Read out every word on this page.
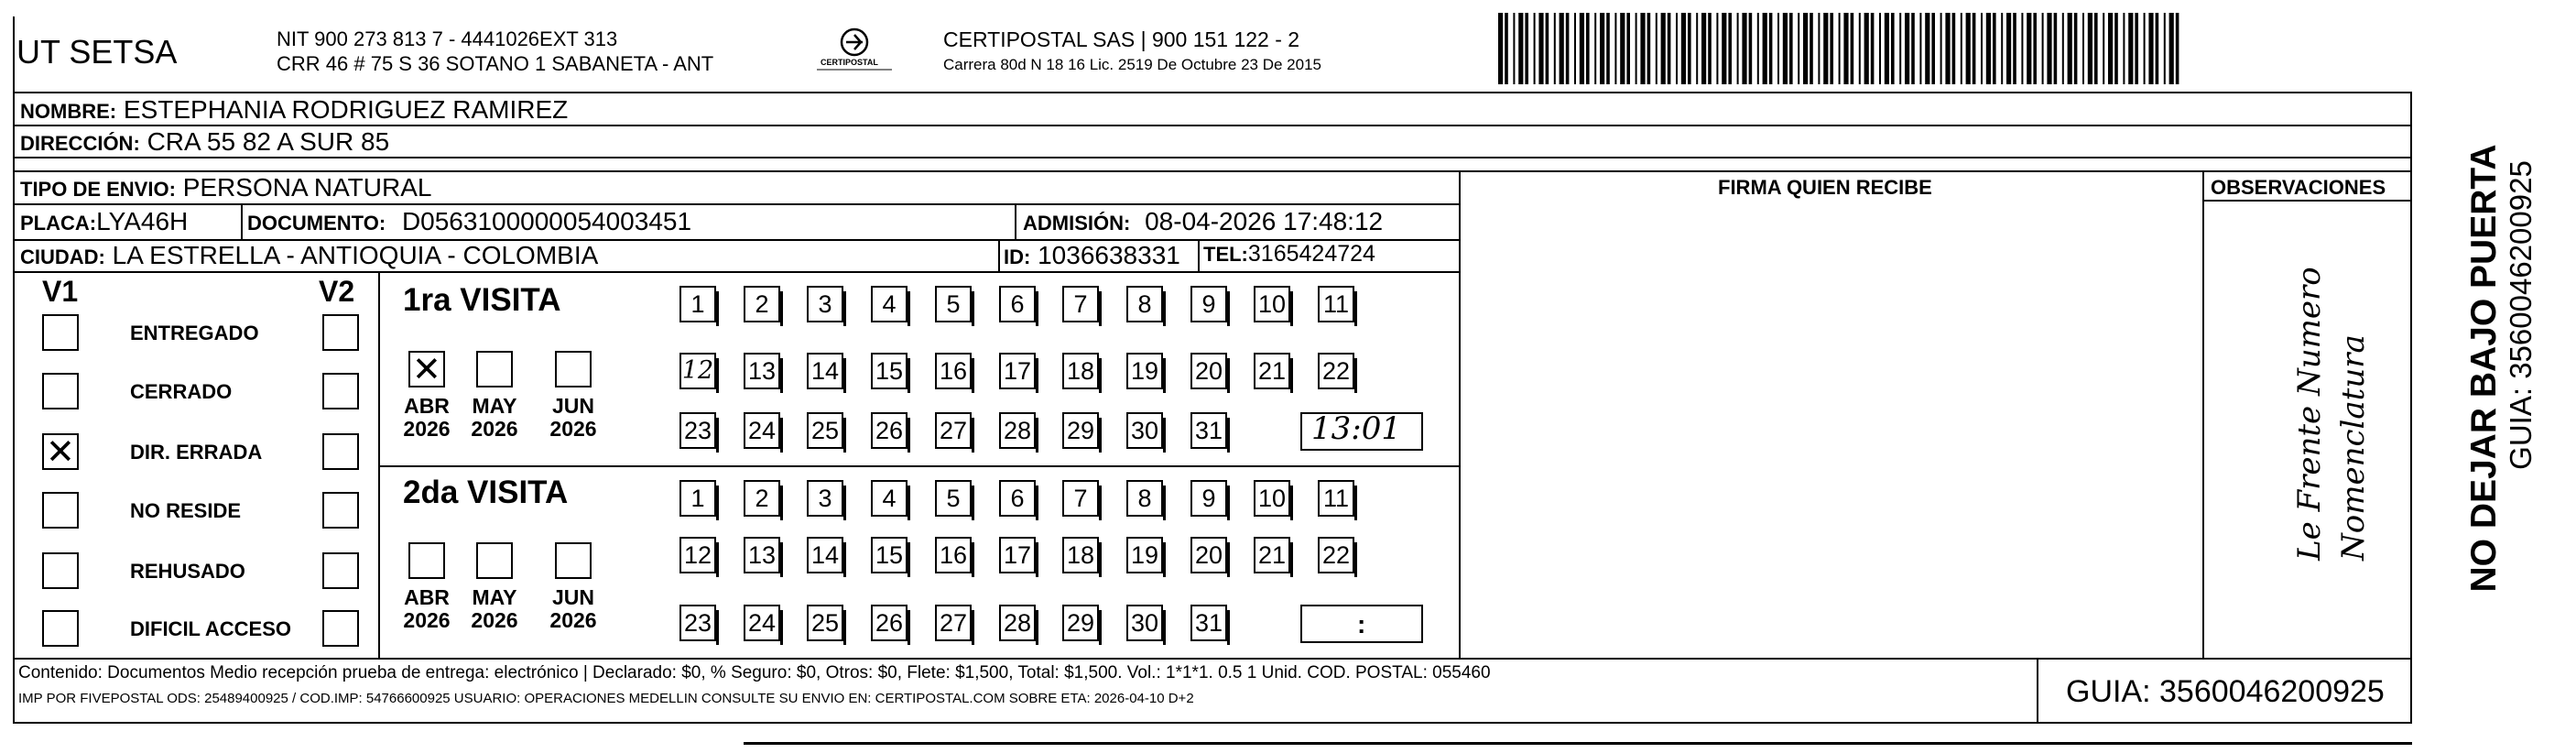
UT SETSA	NIT 900 273 813 7 - 4441026EXT 313
CRR 46 # 75 S 36 SOTANO 1 SABANETA - ANT	CERTIPOSTAL
CERTIPOSTAL SAS | 900 151 122 - 2
Carrera 80d N 18 16 Lic. 2519 De Octubre 23 De 2015
NOMBRE: ESTEPHANIA RODRIGUEZ RAMIREZ
DIRECCIÓN: CRA 55 82 A SUR 85
TIPO DE ENVIO: PERSONA NATURAL	FIRMA QUIEN RECIBE	OBSERVACIONES
PLACA:LYA46H	DOCUMENTO: D0563100000054003451	ADMISIÓN: 08-04-2026 17:48:12
CIUDAD: LA ESTRELLA - ANTIOQUIA - COLOMBIA	ID: 1036638331 TEL:3165424724
V1	V2
ENTREGADO
CERRADO
✕
DIR. ERRADA
NO RESIDE
REHUSADO
DIFICIL ACCESO
1ra VISITA
2da VISITA
✕
ABR
2026
MAY
2026
JUN
2026
ABR
2026
MAY
2026
JUN
2026
1	2	3	4	5	6	7	8	9	10 11
12 13 14 15 16 17 18 19 20 21 22
23 24 25 26 27 28 29 30 31
1	2	3	4	5	6	7	8	9	10 11
12 13 14 15 16 17 18 19 20 21 22
23 24 25 26 27 28 29 30 31
13:01
:
Le Frente Numero Nomenclatura	NO DEJAR BAJO PUERTA GUIA: 3560046200925
Contenido: Documentos Medio recepción prueba de entrega: electrónico | Declarado: $0, % Seguro: $0, Otros: $0, Flete: $1,500, Total: $1,500. Vol.: 1*1*1. 0.5 1 Unid. COD. POSTAL: 055460
IMP POR FIVEPOSTAL ODS: 25489400925 / COD.IMP: 54766600925 USUARIO: OPERACIONES MEDELLIN CONSULTE SU ENVIO EN: CERTIPOSTAL.COM SOBRE ETA: 2026-04-10 D+2	GUIA: 3560046200925
